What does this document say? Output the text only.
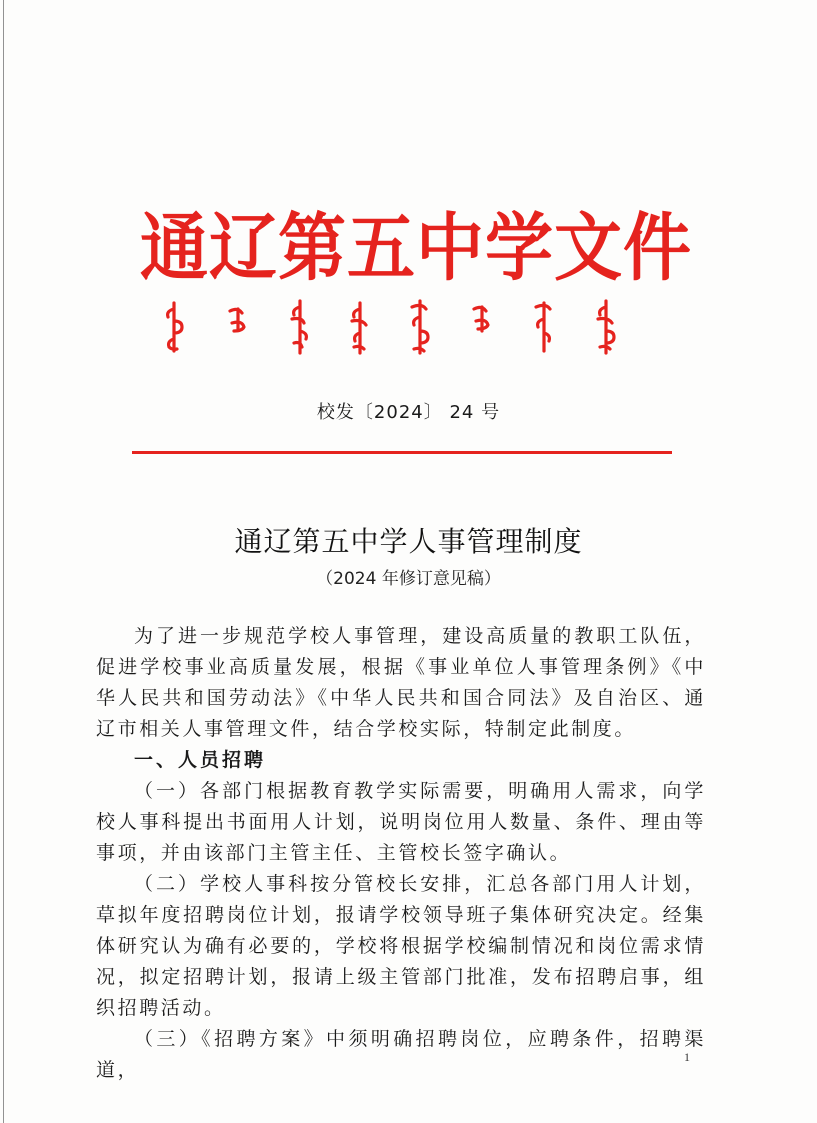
通 辽 第 五 中 学 文 件
校发〔2024〕 24 号
通辽第五中学人事管理制度
（2024 年修订意见稿）

为了进一步规范学校人事管理，建设高质量的教职工队伍，促进学校事业高质量发展，根据《事业单位人事管理条例》《中华人民共和国劳动法》《中华人民共和国合同法》及自治区、通辽市相关人事管理文件，结合学校实际，特制定此制度。

一、人员招聘

（一）各部门根据教育教学实际需要，明确用人需求，向学校人事科提出书面用人计划，说明岗位用人数量、条件、理由等事项，并由该部门主管主任、主管校长签字确认。

（二）学校人事科按分管校长安排，汇总各部门用人计划，草拟年度招聘岗位计划，报请学校领导班子集体研究决定。经集体研究认为确有必要的，学校将根据学校编制情况和岗位需求情况，拟定招聘计划，报请上级主管部门批准，发布招聘启事，组织招聘活动。

（三）《招聘方案》中须明确招聘岗位，应聘条件，招聘渠道，

1
